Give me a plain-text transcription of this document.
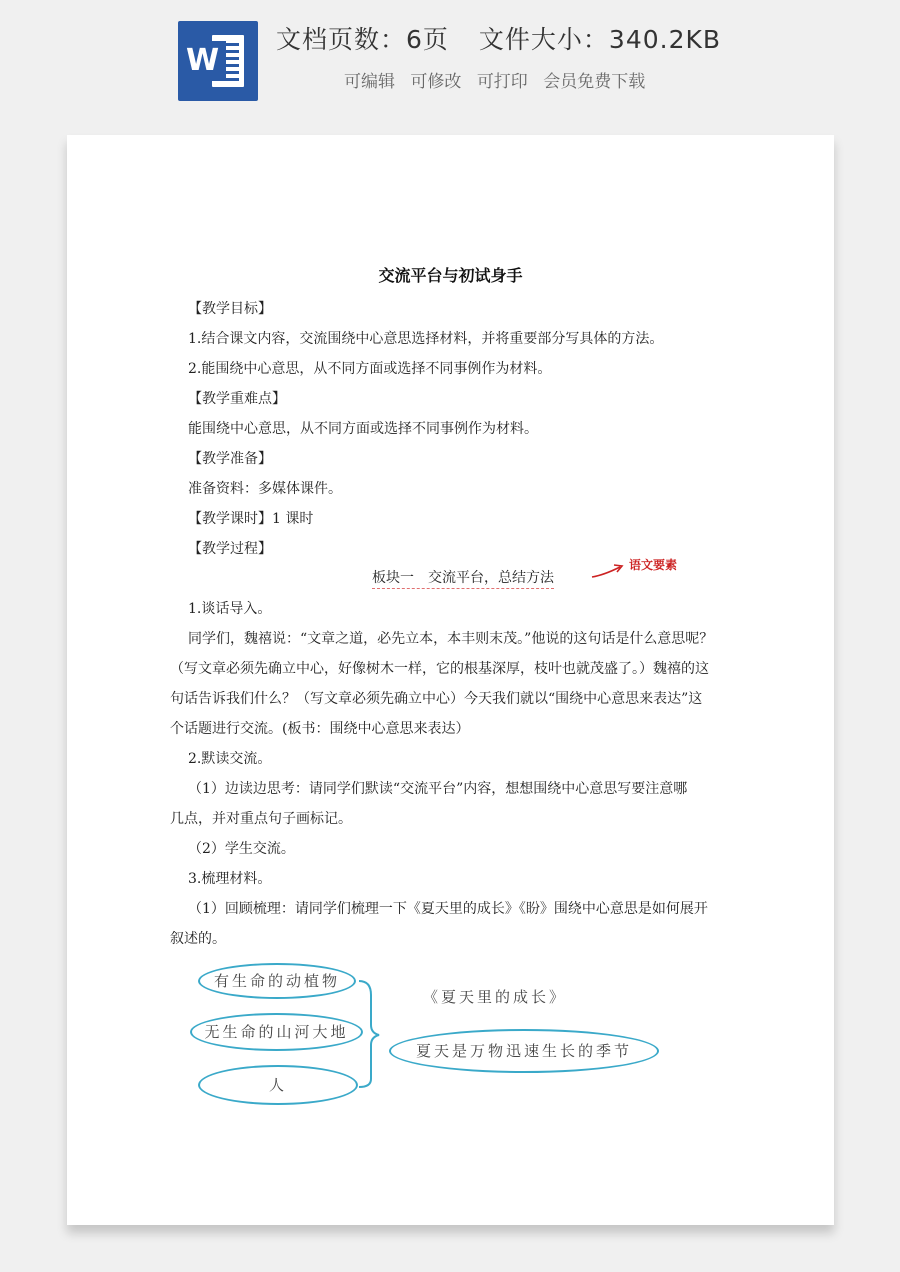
W
文档页数：6页 文件大小：340.2KB
可编辑 可修改 可打印 会员免费下载
交流平台与初试身手
【教学目标】
1.结合课文内容，交流围绕中心意思选择材料，并将重要部分写具体的方法。
2.能围绕中心意思，从不同方面或选择不同事例作为材料。
【教学重难点】
能围绕中心意思，从不同方面或选择不同事例作为材料。
【教学准备】
准备资料：多媒体课件。
【教学课时】1 课时
【教学过程】
板块一　交流平台，总结方法
语文要素
1.谈话导入。
同学们，魏禧说：“文章之道，必先立本，本丰则末茂。”他说的这句话是什么意思呢？
（写文章必须先确立中心，好像树木一样，它的根基深厚，枝叶也就茂盛了。）魏禧的这
句话告诉我们什么？（写文章必须先确立中心）今天我们就以“围绕中心意思来表达”这
个话题进行交流。(板书：围绕中心意思来表达）
2.默读交流。
（1）边读边思考：请同学们默读“交流平台”内容，想想围绕中心意思写要注意哪
几点，并对重点句子画标记。
（2）学生交流。
3.梳理材料。
（1）回顾梳理：请同学们梳理一下《夏天里的成长》《盼》围绕中心意思是如何展开
叙述的。
有生命的动植物
无生命的山河大地
人
《夏天里的成长》
夏天是万物迅速生长的季节
